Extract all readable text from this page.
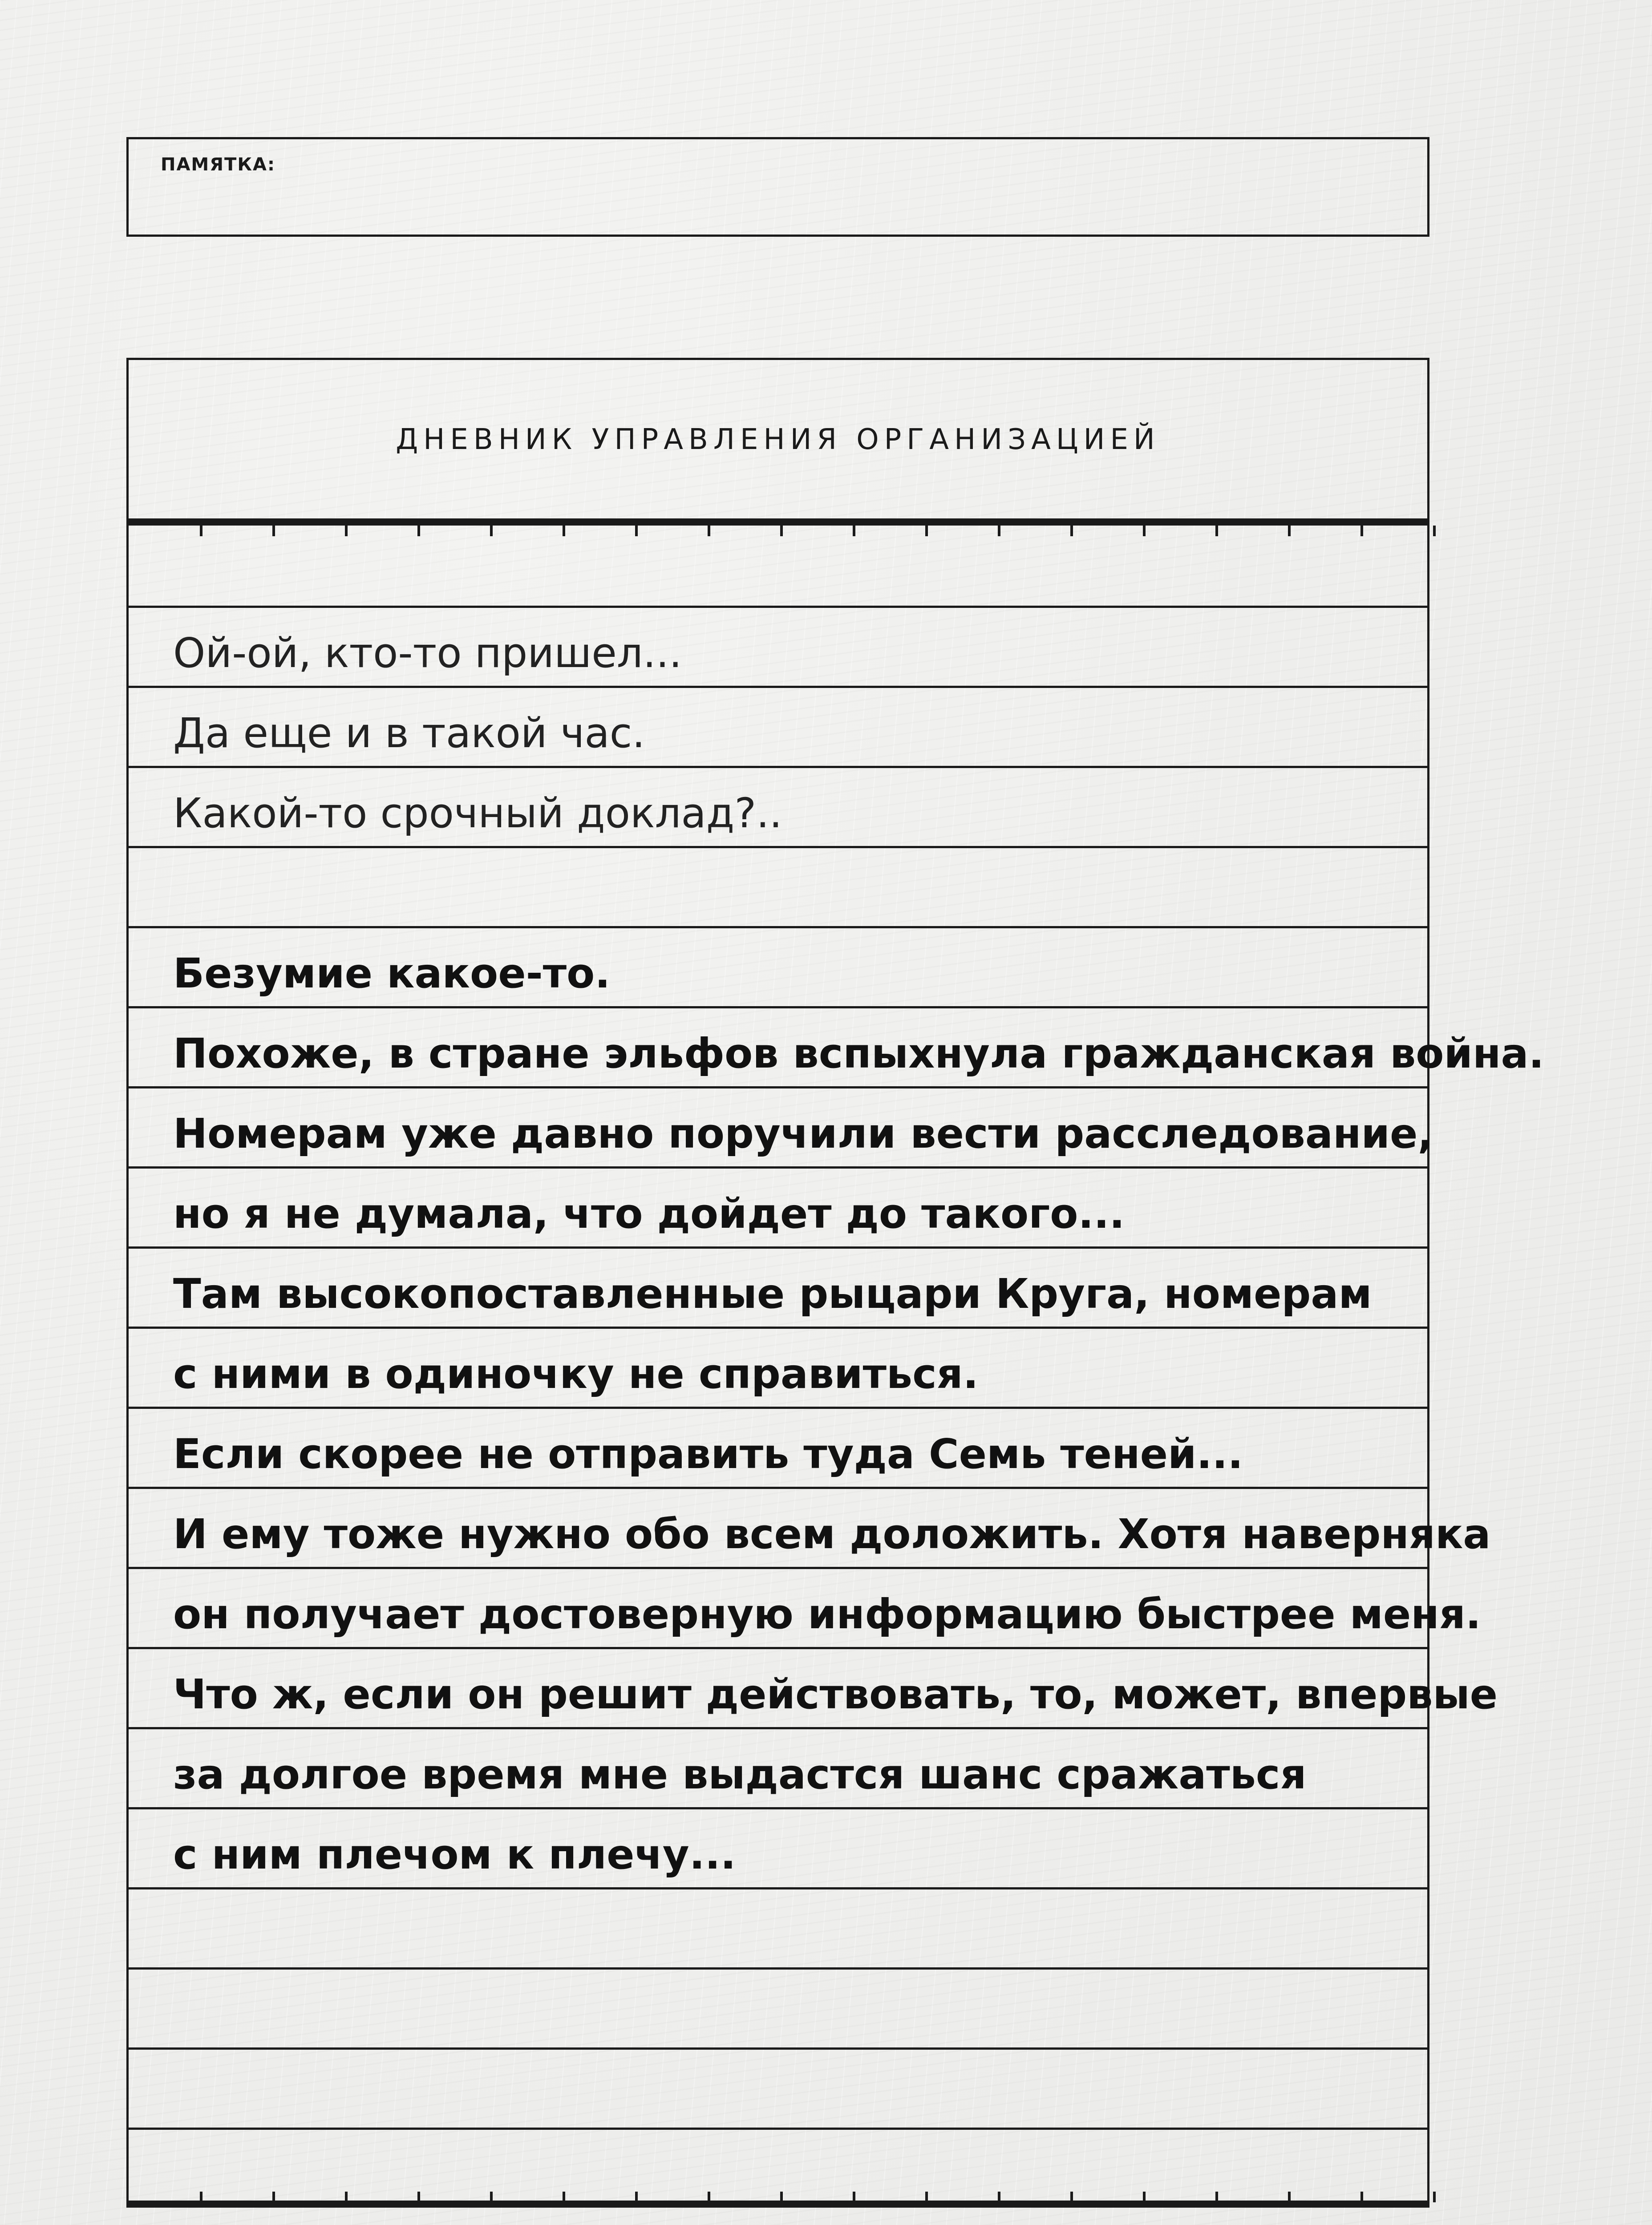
ПАМЯТКА:
ДНЕВНИК УПРАВЛЕНИЯ ОРГАНИЗАЦИЕЙ
Ой-ой, кто-то пришел...
Да еще и в такой час.
Какой-то срочный доклад?..
Безумие какое-то.
Похоже, в стране эльфов вспыхнула гражданская война.
Номерам уже давно поручили вести расследование,
но я не думала, что дойдет до такого...
Там высокопоставленные рыцари Круга, номерам
с ними в одиночку не справиться.
Если скорее не отправить туда Семь теней...
И ему тоже нужно обо всем доложить. Хотя наверняка
он получает достоверную информацию быстрее меня.
Что ж, если он решит действовать, то, может, впервые
за долгое время мне выдастся шанс сражаться
с ним плечом к плечу...
